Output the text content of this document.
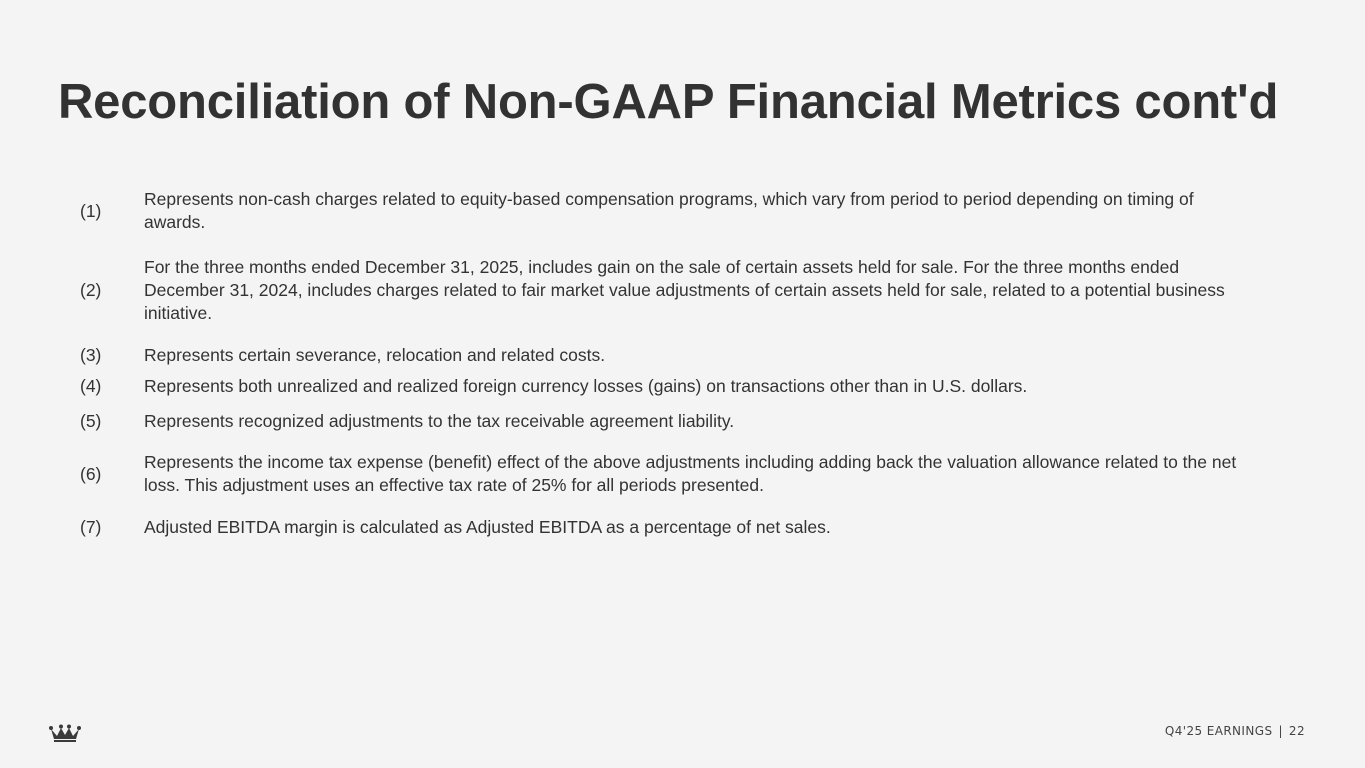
Reconciliation of Non-GAAP Financial Metrics cont'd
(1)
Represents non-cash charges related to equity-based compensation programs, which vary from period to period depending on timing of awards.
(2)
For the three months ended December 31, 2025, includes gain on the sale of certain assets held for sale. For the three months ended December 31, 2024, includes charges related to fair market value adjustments of certain assets held for sale, related to a potential business initiative.
(3)	Represents certain severance, relocation and related costs.
(4)	Represents both unrealized and realized foreign currency losses (gains) on transactions other than in U.S. dollars.
(5)	Represents recognized adjustments to the tax receivable agreement liability.
(6)
Represents the income tax expense (benefit) effect of the above adjustments including adding back the valuation allowance related to the net loss. This adjustment uses an effective tax rate of 25% for all periods presented.
(7)	Adjusted EBITDA margin is calculated as Adjusted EBITDA as a percentage of net sales.
Q4'25 EARNINGS | 22
